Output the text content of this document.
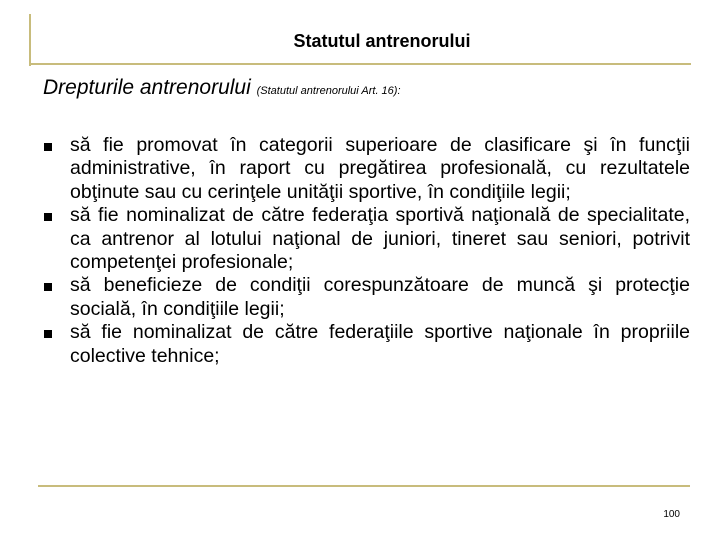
Statutul antrenorului
Drepturile antrenorului (Statutul antrenorului Art. 16):
să fie promovat în categorii superioare de clasificare şi în funcţii administrative, în raport cu pregătirea profesională, cu rezultatele obţinute sau cu cerinţele unităţii sportive, în condiţiile legii;
să fie nominalizat de către federaţia sportivă naţională de specialitate, ca antrenor al lotului naţional de juniori, tineret sau seniori, potrivit competenţei profesionale;
să beneficieze de condiţii corespunzătoare de muncă şi protecţie socială, în condiţiile legii;
să fie nominalizat de către federaţiile sportive naţionale în propriile colective tehnice;
100
